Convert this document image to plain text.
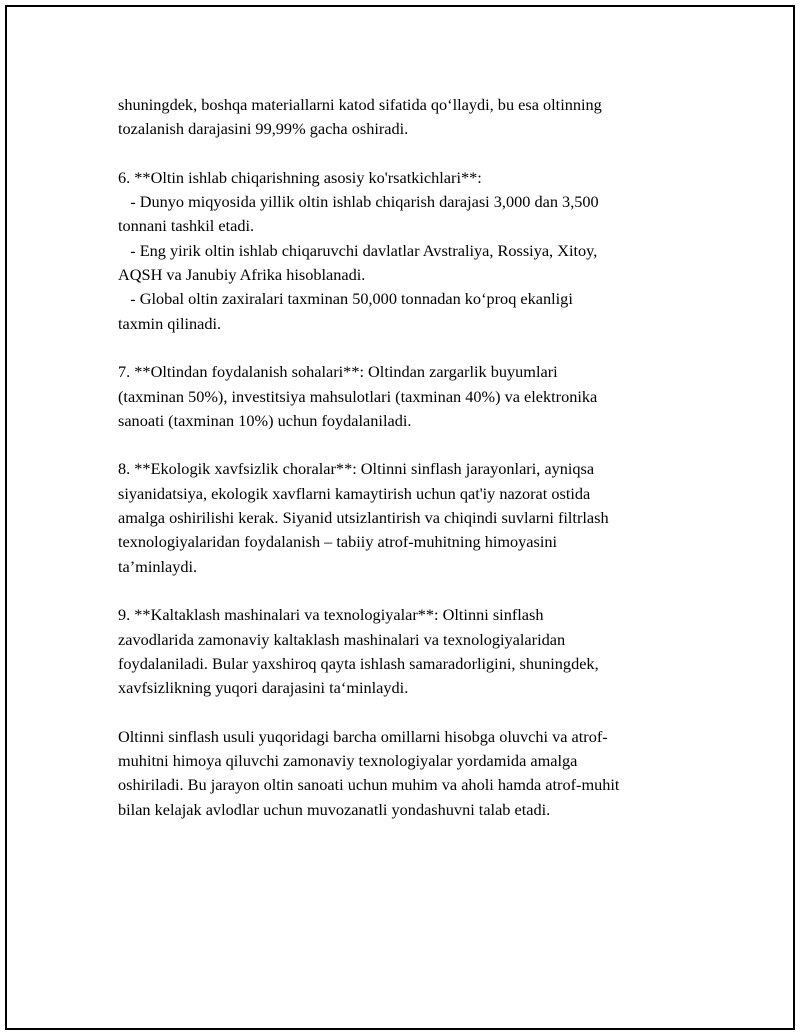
shuningdek, boshqa materiallarni katod sifatida qo‘llaydi, bu esa oltinning
tozalanish darajasini 99,99% gacha oshiradi.

6. **Oltin ishlab chiqarishning asosiy ko'rsatkichlari**:
- Dunyo miqyosida yillik oltin ishlab chiqarish darajasi 3,000 dan 3,500
tonnani tashkil etadi.
- Eng yirik oltin ishlab chiqaruvchi davlatlar Avstraliya, Rossiya, Xitoy,
AQSH va Janubiy Afrika hisoblanadi.
- Global oltin zaxiralari taxminan 50,000 tonnadan ko‘proq ekanligi
taxmin qilinadi.

7. **Oltindan foydalanish sohalari**: Oltindan zargarlik buyumlari
(taxminan 50%), investitsiya mahsulotlari (taxminan 40%) va elektronika
sanoati (taxminan 10%) uchun foydalaniladi.

8. **Ekologik xavfsizlik choralar**: Oltinni sinflash jarayonlari, ayniqsa
siyanidatsiya, ekologik xavflarni kamaytirish uchun qat'iy nazorat ostida
amalga oshirilishi kerak. Siyanid utsizlantirish va chiqindi suvlarni filtrlash
texnologiyalaridan foydalanish – tabiiy atrof-muhitning himoyasini
ta’minlaydi.

9. **Kaltaklash mashinalari va texnologiyalar**: Oltinni sinflash
zavodlarida zamonaviy kaltaklash mashinalari va texnologiyalaridan
foydalaniladi. Bular yaxshiroq qayta ishlash samaradorligini, shuningdek,
xavfsizlikning yuqori darajasini ta‘minlaydi.

Oltinni sinflash usuli yuqoridagi barcha omillarni hisobga oluvchi va atrof-
muhitni himoya qiluvchi zamonaviy texnologiyalar yordamida amalga
oshiriladi. Bu jarayon oltin sanoati uchun muhim va aholi hamda atrof-muhit
bilan kelajak avlodlar uchun muvozanatli yondashuvni talab etadi.
